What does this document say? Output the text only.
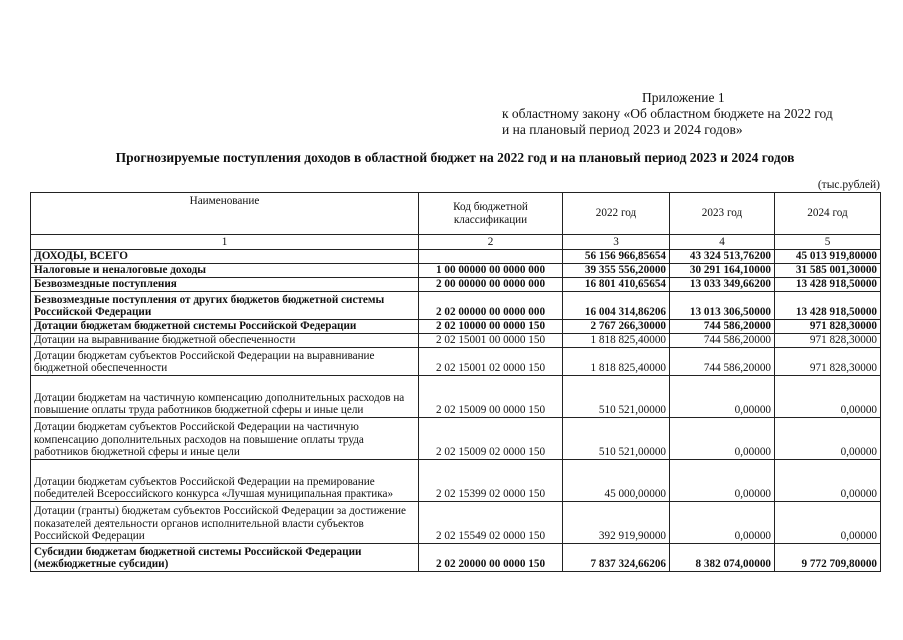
Приложение 1
к областному закону «Об областном бюджете на 2022 год
и на плановый период 2023 и 2024 годов»
Прогнозируемые поступления доходов в областной бюджет на 2022 год и на плановый период 2023 и 2024 годов
(тыс.рублей)
Наименование	Код бюджетной классификации	2022 год	2023 год	2024 год
1	2	3	4	5
ДОХОДЫ, ВСЕГО		56 156 966,85654	43 324 513,76200	45 013 919,80000
Налоговые и неналоговые доходы	1 00 00000 00 0000 000	39 355 556,20000	30 291 164,10000	31 585 001,30000
Безвозмездные поступления	2 00 00000 00 0000 000	16 801 410,65654	13 033 349,66200	13 428 918,50000
Безвозмездные поступления от других бюджетов бюджетной системы Российской Федерации	2 02 00000 00 0000 000	16 004 314,86206	13 013 306,50000	13 428 918,50000
Дотации бюджетам бюджетной системы Российской Федерации	2 02 10000 00 0000 150	2 767 266,30000	744 586,20000	971 828,30000
Дотации на выравнивание бюджетной обеспеченности	2 02 15001 00 0000 150	1 818 825,40000	744 586,20000	971 828,30000
Дотации бюджетам субъектов Российской Федерации на выравнивание бюджетной обеспеченности	2 02 15001 02 0000 150	1 818 825,40000	744 586,20000	971 828,30000
Дотации бюджетам на частичную компенсацию дополнительных расходов на повышение оплаты труда работников бюджетной сферы и иные цели	2 02 15009 00 0000 150	510 521,00000	0,00000	0,00000
Дотации бюджетам субъектов Российской Федерации на частичную компенсацию дополнительных расходов на повышение оплаты труда работников бюджетной сферы и иные цели	2 02 15009 02 0000 150	510 521,00000	0,00000	0,00000
Дотации бюджетам субъектов Российской Федерации на премирование победителей Всероссийского конкурса «Лучшая муниципальная практика»	2 02 15399 02 0000 150	45 000,00000	0,00000	0,00000
Дотации (гранты) бюджетам субъектов Российской Федерации за достижение показателей деятельности органов исполнительной власти субъектов Российской Федерации	2 02 15549 02 0000 150	392 919,90000	0,00000	0,00000
Субсидии бюджетам бюджетной системы Российской Федерации (межбюджетные субсидии)	2 02 20000 00 0000 150	7 837 324,66206	8 382 074,00000	9 772 709,80000
